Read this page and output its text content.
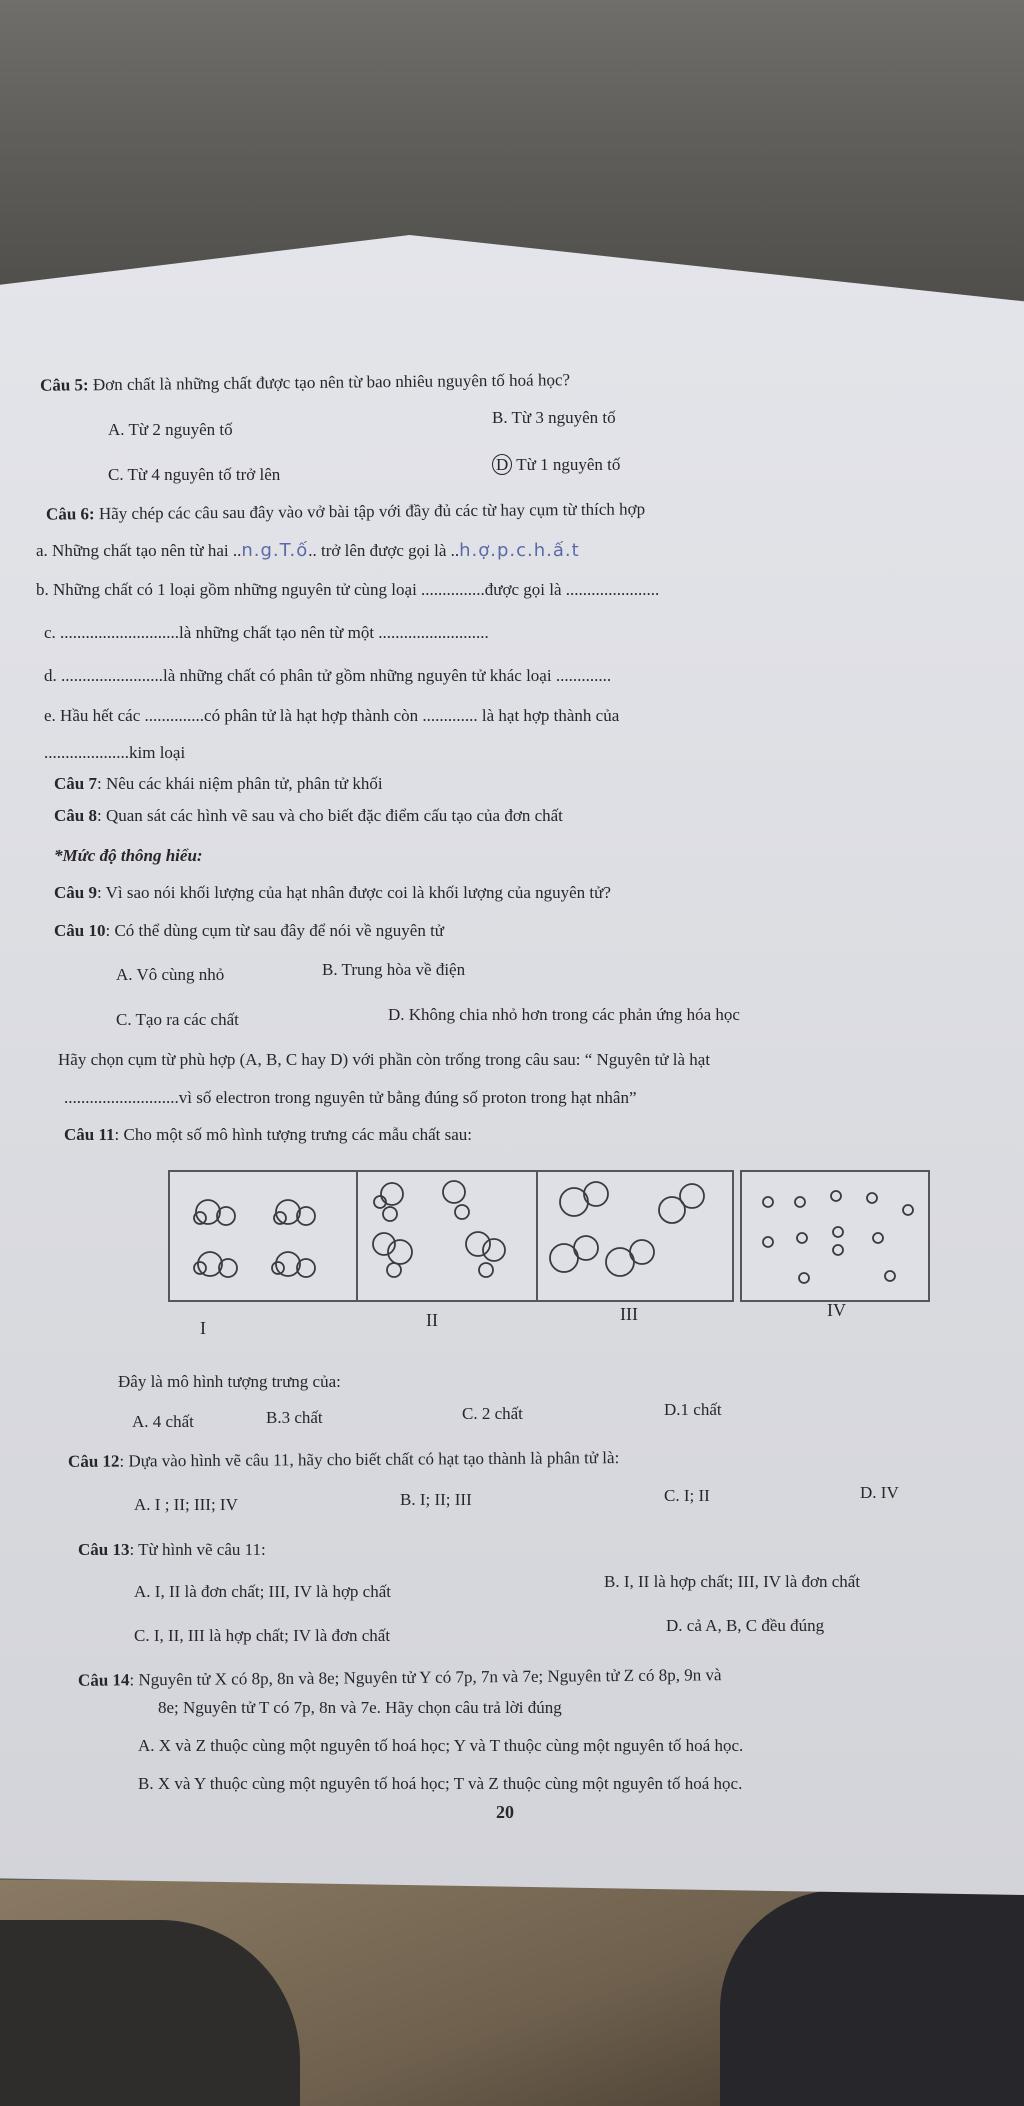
Câu 5: Đơn chất là những chất được tạo nên từ bao nhiêu nguyên tố hoá học?
A. Từ 2 nguyên tố
B. Từ 3 nguyên tố
C. Từ 4 nguyên tố trở lên
D Từ 1 nguyên tố
Câu 6: Hãy chép các câu sau đây vào vở bài tập với đầy đủ các từ hay cụm từ thích hợp
a. Những chất tạo nên từ hai ..n.g.T.ố.. trở lên được gọi là ..h.ợ.p.c.h.ấ.t
b. Những chất có 1 loại gồm những nguyên tử cùng loại ...............được gọi là ......................
c. ............................là những chất tạo nên từ một ..........................
d. ........................là những chất có phân tử gồm những nguyên tử khác loại .............
e. Hầu hết các ..............có phân tử là hạt hợp thành còn ............. là hạt hợp thành của
....................kim loại
Câu 7: Nêu các khái niệm phân tử, phân tử khối
Câu 8: Quan sát các hình vẽ sau và cho biết đặc điểm cấu tạo của đơn chất
*Mức độ thông hiểu:
Câu 9: Vì sao nói khối lượng của hạt nhân được coi là khối lượng của nguyên tử?
Câu 10: Có thể dùng cụm từ sau đây để nói về nguyên tử
A. Vô cùng nhỏ	B. Trung hòa về điện
C. Tạo ra các chất	D. Không chia nhỏ hơn trong các phản ứng hóa học
Hãy chọn cụm từ phù hợp (A, B, C hay D) với phần còn trống trong câu sau: “ Nguyên tử là hạt
...........................vì số electron trong nguyên tử bằng đúng số proton trong hạt nhân”
Câu 11: Cho một số mô hình tượng trưng các mẫu chất sau:
I	II	III	IV
Đây là mô hình tượng trưng của:
A. 4 chất	B.3 chất	C. 2 chất	D.1 chất
Câu 12: Dựa vào hình vẽ câu 11, hãy cho biết chất có hạt tạo thành là phân tử là:
A. I ; II; III; IV	B. I; II; III	C. I; II	D. IV
Câu 13: Từ hình vẽ câu 11:
A. I, II là đơn chất; III, IV là hợp chất
B. I, II là hợp chất; III, IV là đơn chất
C. I, II, III là hợp chất; IV là đơn chất
D. cả A, B, C đều đúng
Câu 14: Nguyên tử X có 8p, 8n và 8e; Nguyên tử Y có 7p, 7n và 7e; Nguyên tử Z có 8p, 9n và
8e; Nguyên tử T có 7p, 8n và 7e. Hãy chọn câu trả lời đúng
A. X và Z thuộc cùng một nguyên tố hoá học; Y và T thuộc cùng một nguyên tố hoá học.
B. X và Y thuộc cùng một nguyên tố hoá học; T và Z thuộc cùng một nguyên tố hoá học.
20
